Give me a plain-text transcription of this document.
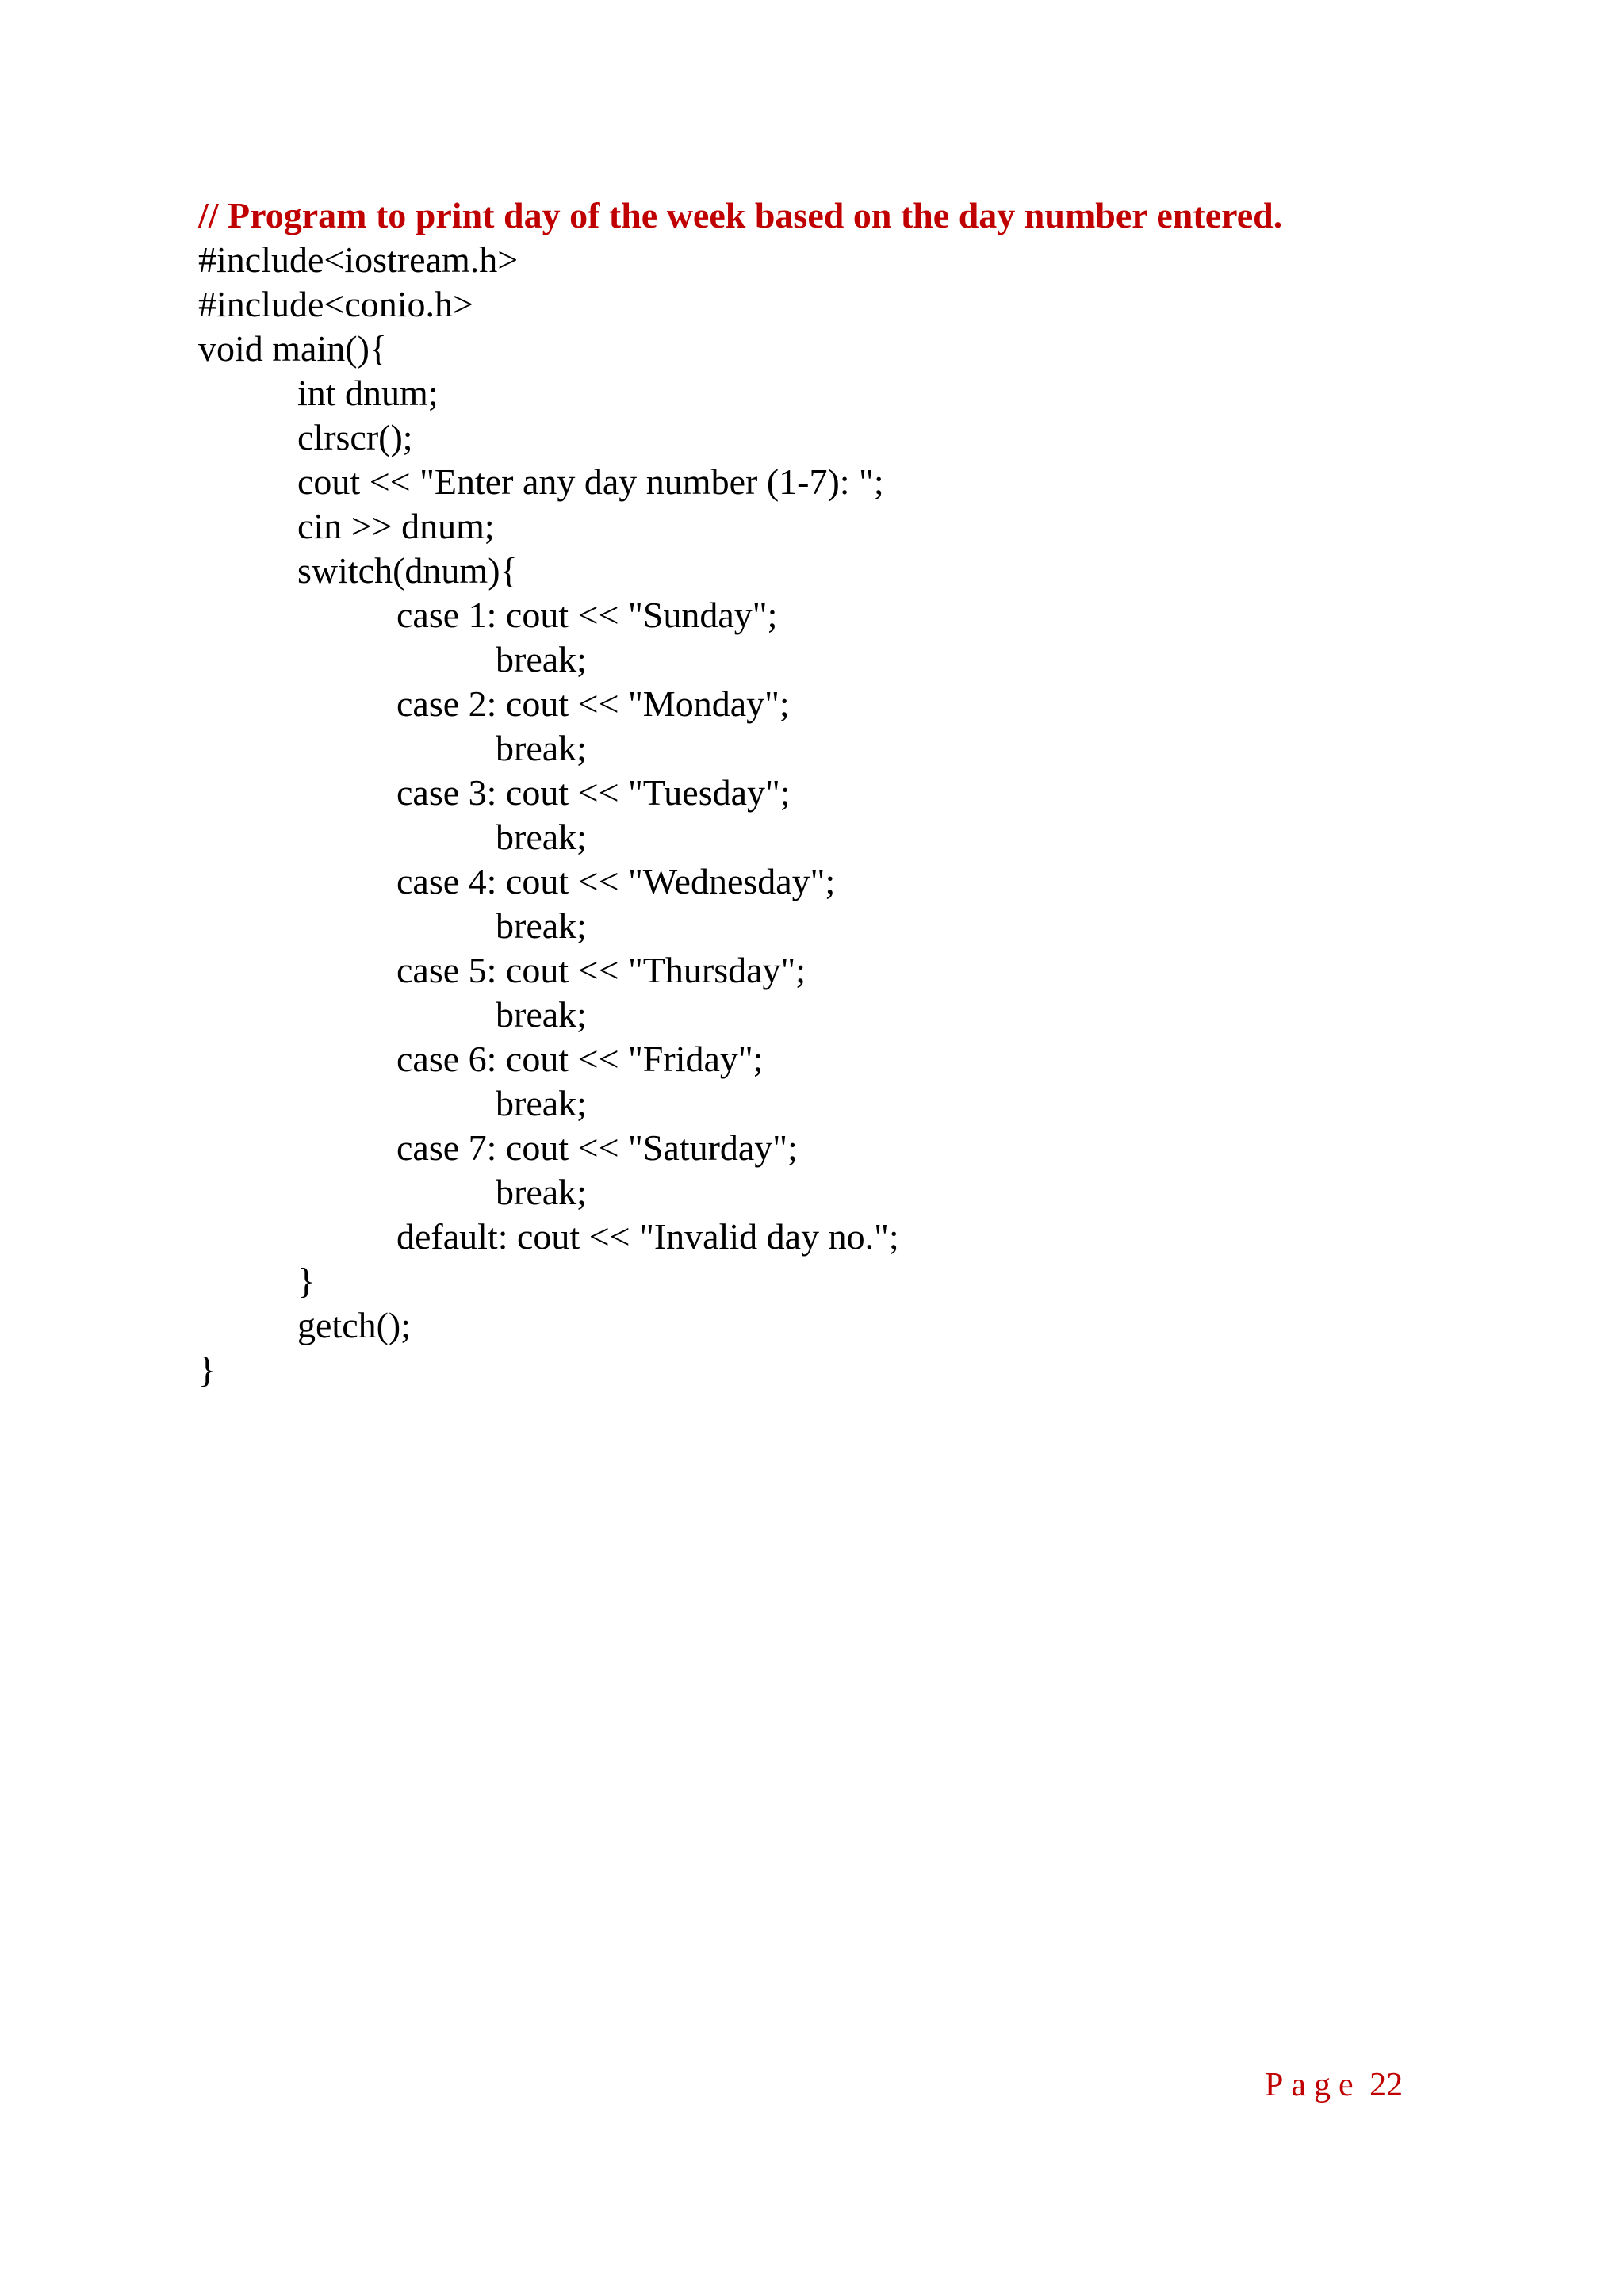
// Program to print day of the week based on the day number entered.
#include<iostream.h>
#include<conio.h>
void main(){
int dnum;
clrscr();
cout << "Enter any day number (1-7): ";
cin >> dnum;
switch(dnum){
case 1: cout << "Sunday";
break;
case 2: cout << "Monday";
break;
case 3: cout << "Tuesday";
break;
case 4: cout << "Wednesday";
break;
case 5: cout << "Thursday";
break;
case 6: cout << "Friday";
break;
case 7: cout << "Saturday";
break;
default: cout << "Invalid day no.";
}
getch();
}
Page 22
